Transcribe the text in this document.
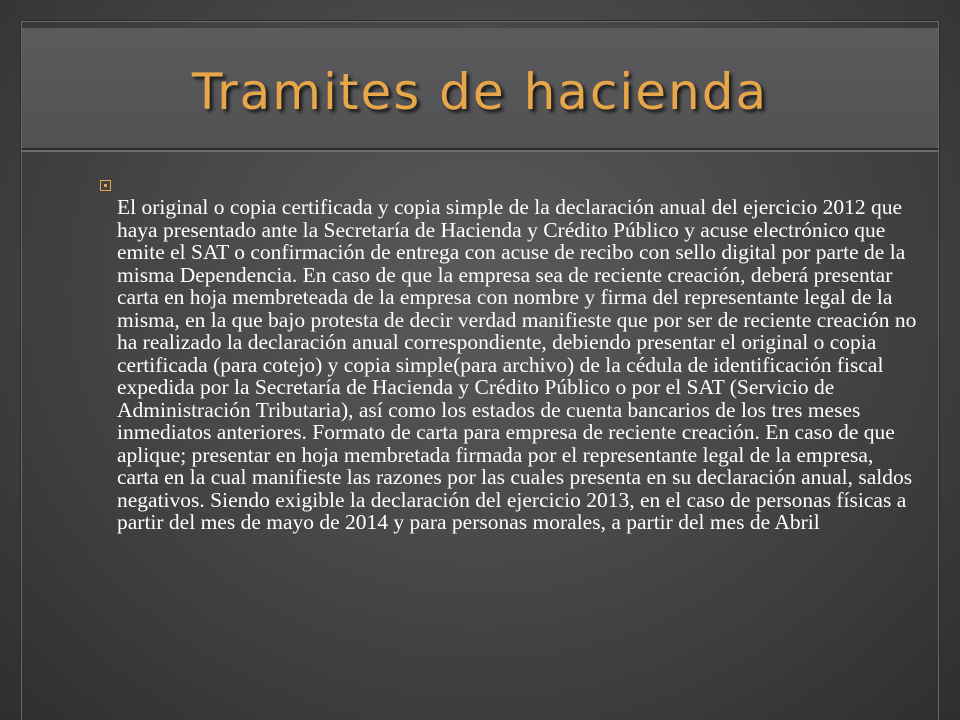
Tramites de hacienda

El original o copia certificada y copia simple de la declaración anual del ejercicio 2012 que haya presentado ante la Secretaría de Hacienda y Crédito Público y acuse electrónico que emite el SAT o confirmación de entrega con acuse de recibo con sello digital por parte de la misma Dependencia. En caso de que la empresa sea de reciente creación, deberá presentar carta en hoja membreteada de la empresa con nombre y firma del representante legal de la misma, en la que bajo protesta de decir verdad manifieste que por ser de reciente creación no ha realizado la declaración anual correspondiente, debiendo presentar el original o copia certificada (para cotejo) y copia simple(para archivo) de la cédula de identificación fiscal expedida por la Secretaría de Hacienda y Crédito Público o por el SAT (Servicio de Administración Tributaria), así como los estados de cuenta bancarios de los tres meses inmediatos anteriores. Formato de carta para empresa de reciente creación. En caso de que aplique; presentar en hoja membretada firmada por el representante legal de la empresa, carta en la cual manifieste las razones por las cuales presenta en su declaración anual, saldos negativos. Siendo exigible la declaración del ejercicio 2013, en el caso de personas físicas a partir del mes de mayo de 2014 y para personas morales, a partir del mes de Abril
